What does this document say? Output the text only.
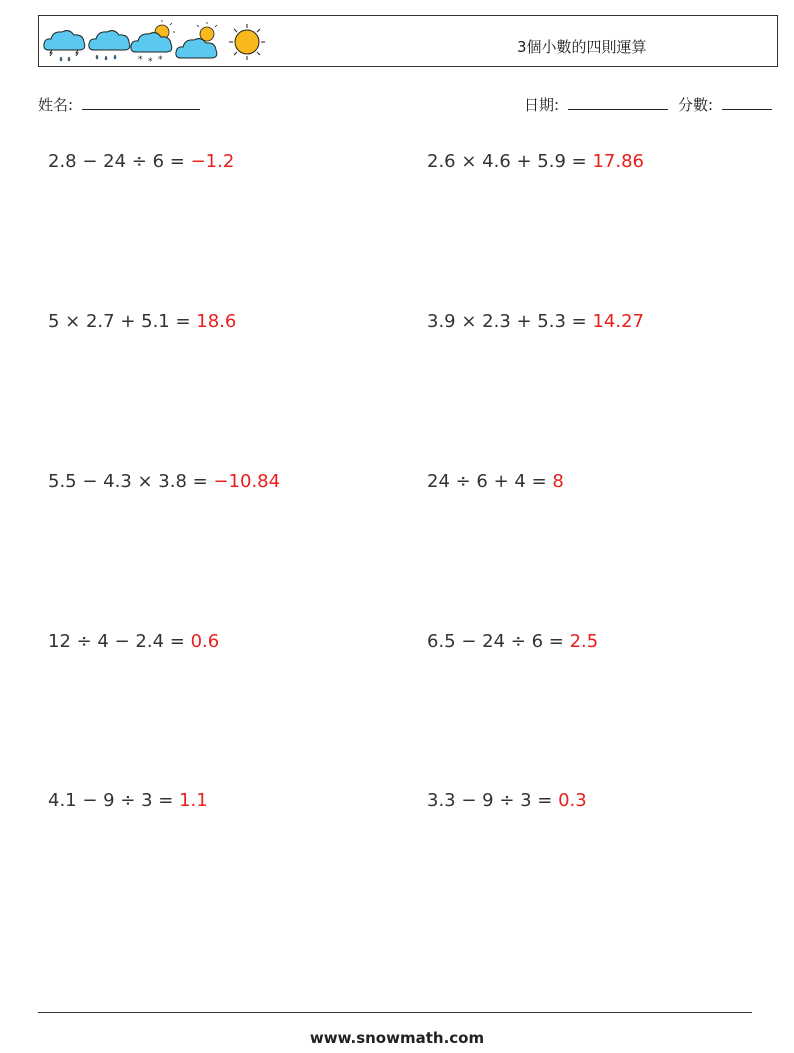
* * *
3個小數的四則運算
姓名:	日期:	分數:
2.8 − 24 ÷ 6 = −1.2	2.6 × 4.6 + 5.9 = 17.86
5 × 2.7 + 5.1 = 18.6	3.9 × 2.3 + 5.3 = 14.27
5.5 − 4.3 × 3.8 = −10.84	24 ÷ 6 + 4 = 8
12 ÷ 4 − 2.4 = 0.6	6.5 − 24 ÷ 6 = 2.5
4.1 − 9 ÷ 3 = 1.1	3.3 − 9 ÷ 3 = 0.3
www.snowmath.com
